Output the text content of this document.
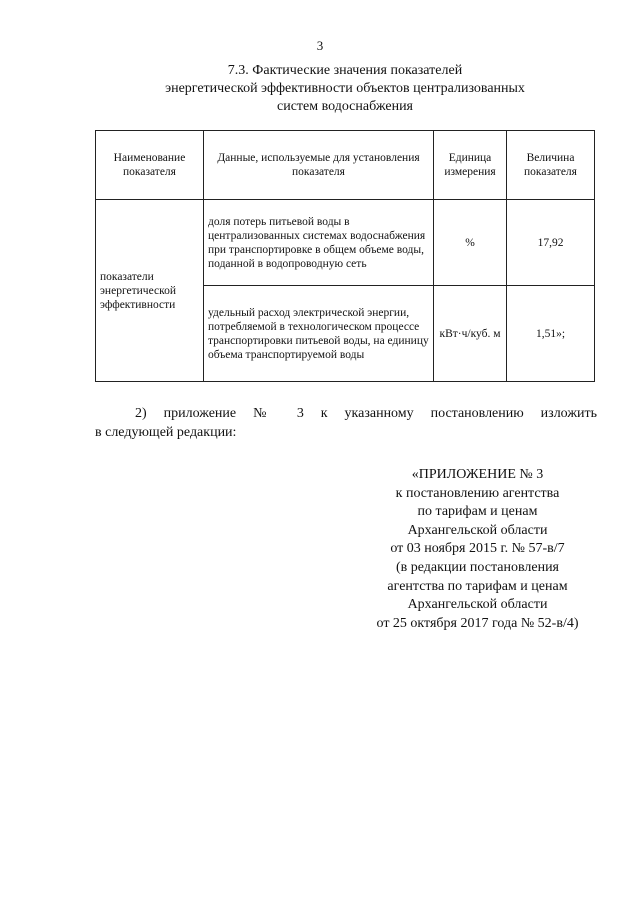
3
7.3. Фактические значения показателей
энергетической эффективности объектов централизованных
систем водоснабжения
Наименование показателя	Данные, используемые для установления показателя	Единица измерения	Величина показателя
показатели энергетической эффективности	доля потерь питьевой воды в централизованных системах водоснабжения при транспортировке в общем объеме воды, поданной в водопроводную сеть	%	17,92
	удельный расход электрической энергии, потребляемой в технологическом процессе транспортировки питьевой воды, на единицу объема транспортируемой воды	кВт·ч/куб. м	1,51»;
2) приложение № 3 к указанному постановлению изложить
в следующей редакции:
«ПРИЛОЖЕНИЕ № 3
к постановлению агентства
по тарифам и ценам
Архангельской области
от 03 ноября 2015 г. № 57-в/7
(в редакции постановления
агентства по тарифам и ценам
Архангельской области
от 25 октября 2017 года № 52-в/4)
